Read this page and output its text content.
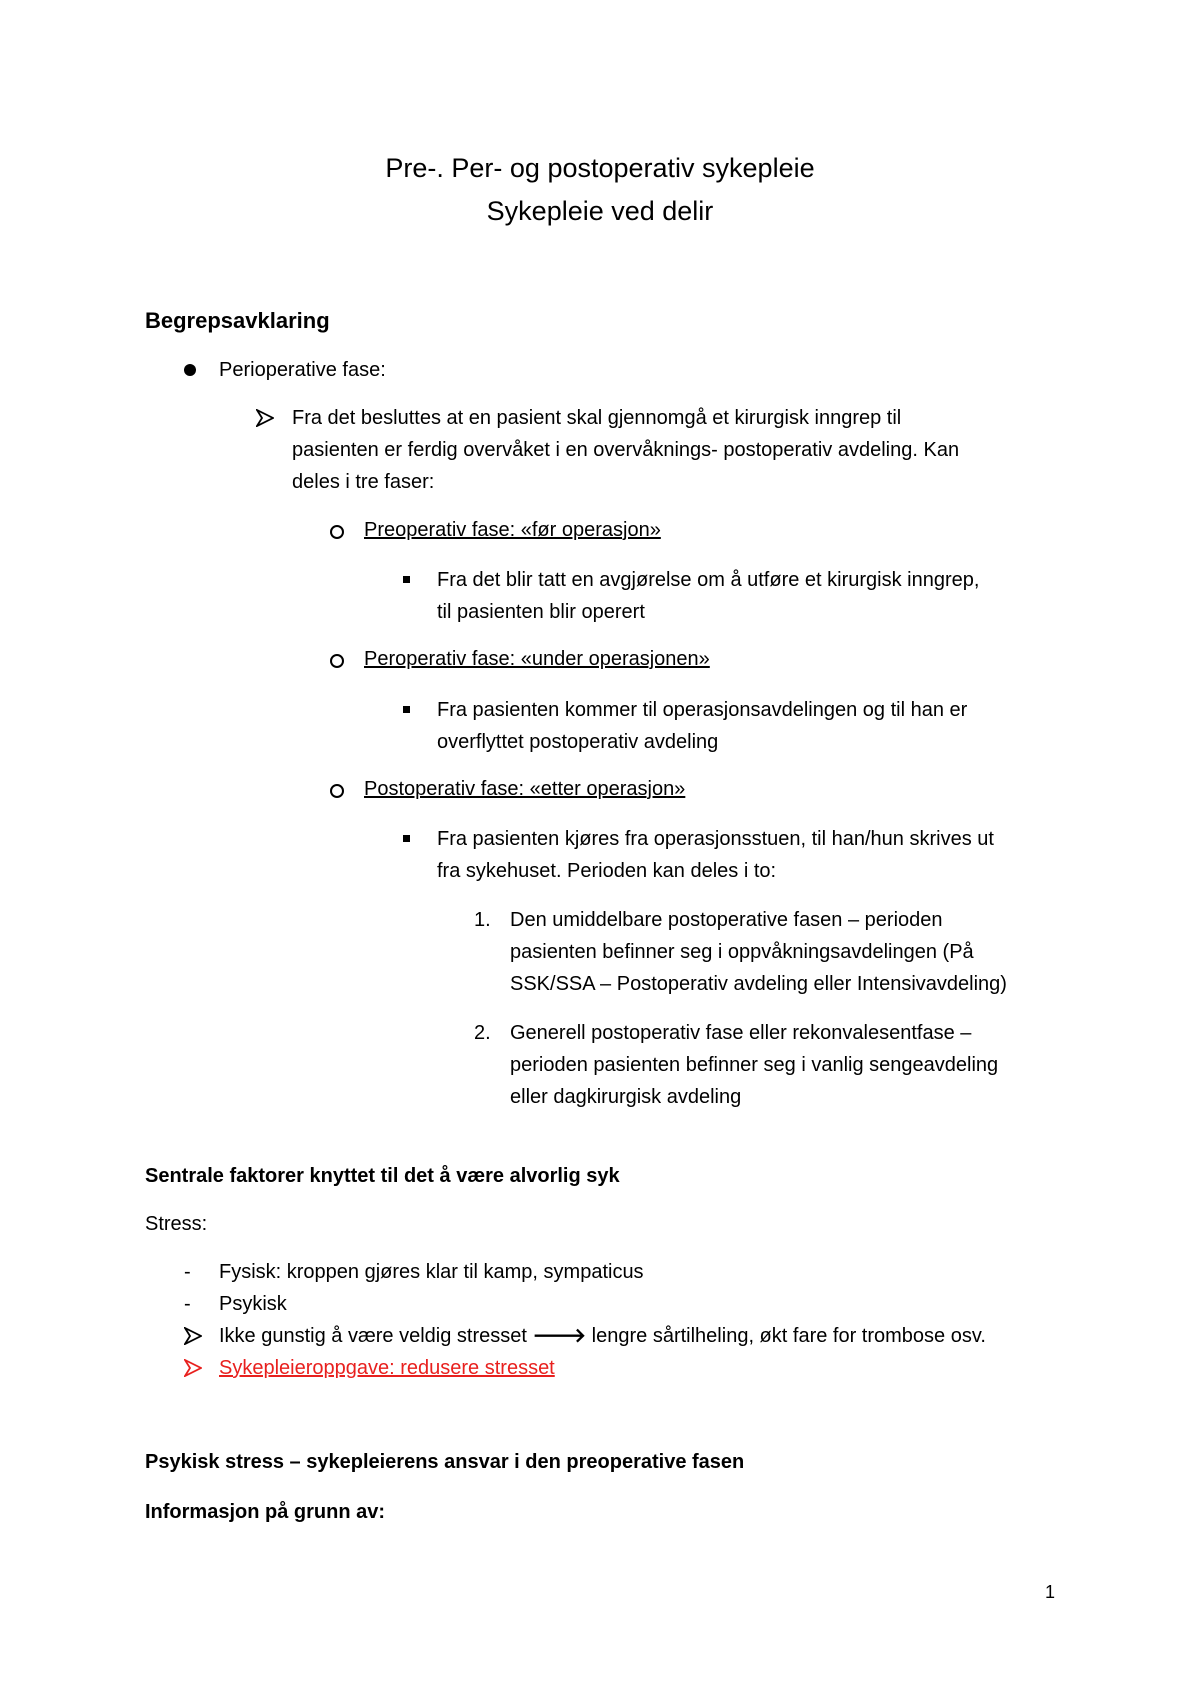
Pre-. Per- og postoperativ sykepleie
Sykepleie ved delir
Begrepsavklaring
Perioperative fase:
Fra det besluttes at en pasient skal gjennomgå et kirurgisk inngrep til
pasienten er ferdig overvåket i en overvåknings- postoperativ avdeling. Kan
deles i tre faser:
Preoperativ fase: «før operasjon»
Fra det blir tatt en avgjørelse om å utføre et kirurgisk inngrep,
til pasienten blir operert
Peroperativ fase: «under operasjonen»
Fra pasienten kommer til operasjonsavdelingen og til han er
overflyttet postoperativ avdeling
Postoperativ fase: «etter operasjon»
Fra pasienten kjøres fra operasjonsstuen, til han/hun skrives ut
fra sykehuset. Perioden kan deles i to:
1. Den umiddelbare postoperative fasen – perioden
pasienten befinner seg i oppvåkningsavdelingen (På
SSK/SSA – Postoperativ avdeling eller Intensivavdeling)
2. Generell postoperativ fase eller rekonvalesentfase –
perioden pasienten befinner seg i vanlig sengeavdeling
eller dagkirurgisk avdeling
Sentrale faktorer knyttet til det å være alvorlig syk
Stress:
- Fysisk: kroppen gjøres klar til kamp, sympaticus
- Psykisk
Ikke gunstig å være veldig stresset 🡒 lengre sårtilheling, økt fare for trombose osv.
Sykepleieroppgave: redusere stresset
Psykisk stress – sykepleierens ansvar i den preoperative fasen
Informasjon på grunn av:
1
